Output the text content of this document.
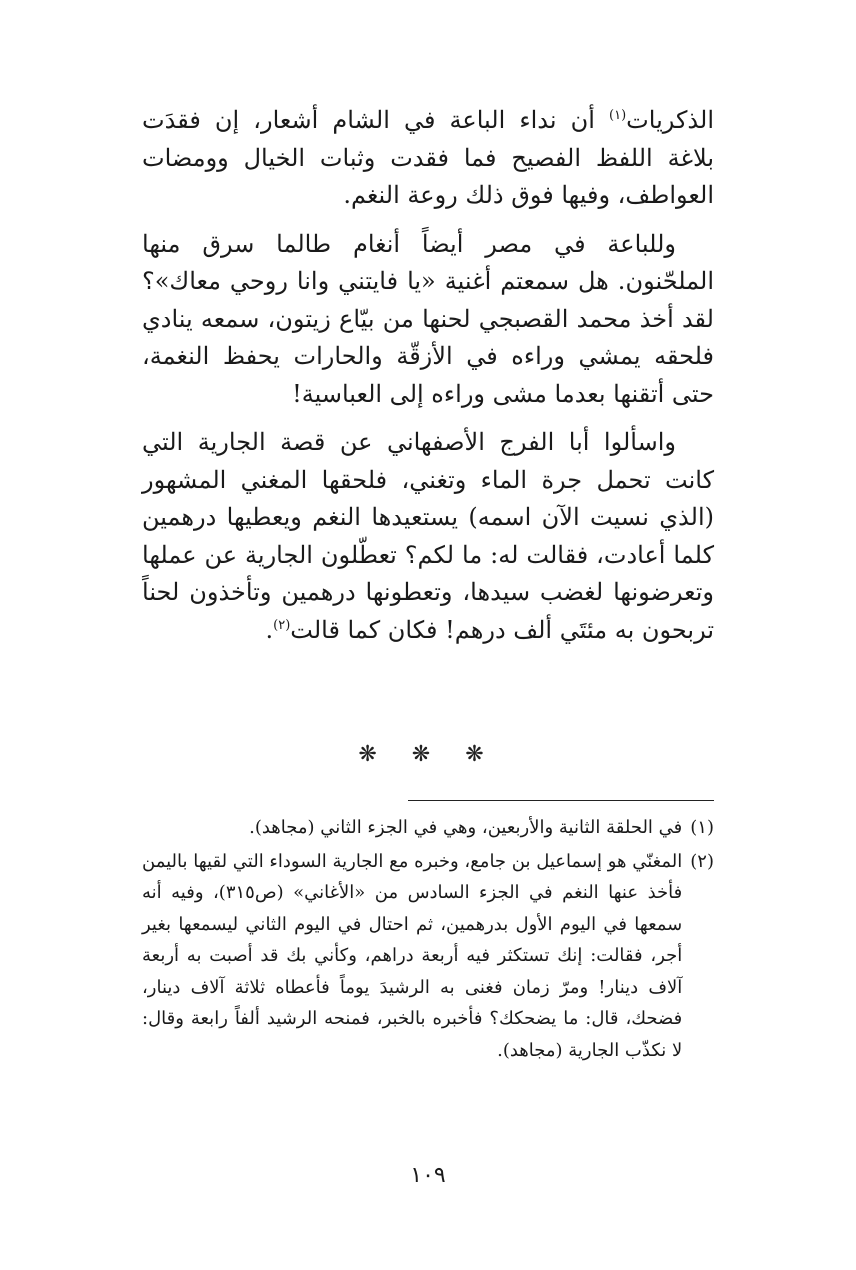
الذكريات$^{(١)}$ أن نداء الباعة في الشام أشعار، إن فقدَت بلاغة اللفظ الفصيح فما فقدت وثبات الخيال وومضات العواطف، وفيها فوق ذلك روعة النغم.

وللباعة في مصر أيضاً أنغام طالما سرق منها الملحّنون. هل سمعتم أغنية «يا فايتني وانا روحي معاك»؟ لقد أخذ محمد القصبجي لحنها من بيّاع زيتون، سمعه ينادي فلحقه يمشي وراءه في الأزقّة والحارات يحفظ النغمة، حتى أتقنها بعدما مشى وراءه إلى العباسية!

واسألوا أبا الفرج الأصفهاني عن قصة الجارية التي كانت تحمل جرة الماء وتغني، فلحقها المغني المشهور (الذي نسيت الآن اسمه) يستعيدها النغم ويعطيها درهمين كلما أعادت، فقالت له: ما لكم؟ تعطّلون الجارية عن عملها وتعرضونها لغضب سيدها، وتعطونها درهمين وتأخذون لحناً تربحون به مئتَي ألف درهم! فكان كما قالت$^{(٢)}$.

❋ ❋ ❋
(١)
في الحلقة الثانية والأربعين، وهي في الجزء الثاني (مجاهد).
(٢)
المغنّي هو إسماعيل بن جامع، وخبره مع الجارية السوداء التي لقيها باليمن فأخذ عنها النغم في الجزء السادس من «الأغاني» (ص٣١٥)، وفيه أنه سمعها في اليوم الأول بدرهمين، ثم احتال في اليوم الثاني ليسمعها بغير أجر، فقالت: إنك تستكثر فيه أربعة دراهم، وكأني بك قد أصبت به أربعة آلاف دينار! ومرّ زمان فغنى به الرشيدَ يوماً فأعطاه ثلاثة آلاف دينار، فضحك، قال: ما يضحكك؟ فأخبره بالخبر، فمنحه الرشيد ألفاً رابعة وقال: لا نكذّب الجارية (مجاهد).
١٠٩
